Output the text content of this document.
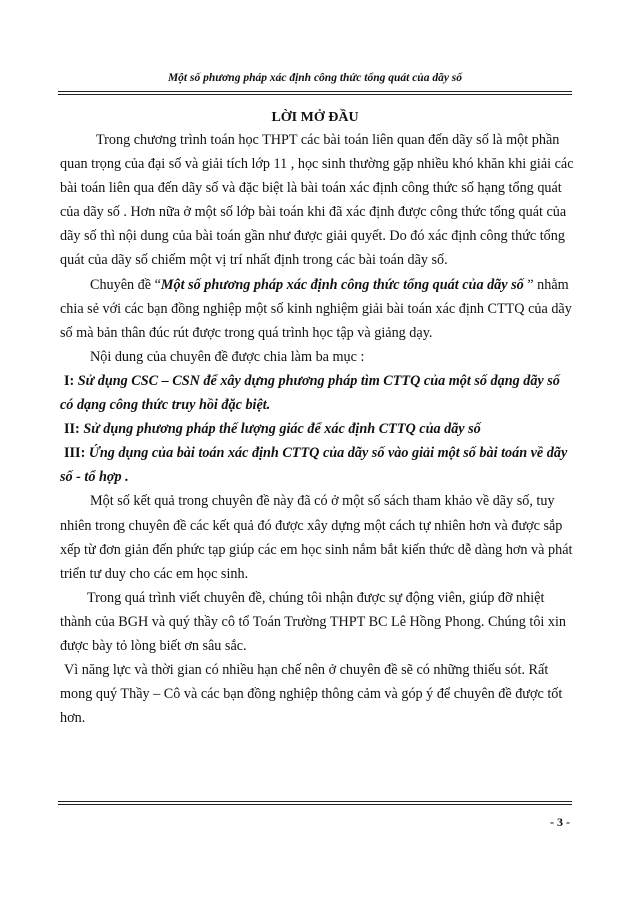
Một số phương pháp xác định công thức tổng quát của dãy số
LỜI MỞ ĐẦU

Trong chương trình toán học THPT các bài toán liên quan đến dãy số là một phần quan trọng của đại số và giải tích lớp 11 , học sinh thường gặp nhiều khó khăn khi giải các bài toán liên qua đến dãy số và đặc biệt là bài toán xác định công thức số hạng tổng quát của dãy số . Hơn nữa ở một số lớp bài toán khi đã xác định được công thức tổng quát của dãy số thì nội dung của bài toán gần như được giải quyết. Do đó xác định công thức tổng quát của dãy số chiếm một vị trí nhất định trong các bài toán dãy số.

Chuyên đề “Một số phương pháp xác định công thức tổng quát của dãy số ” nhằm chia sẻ với các bạn đồng nghiệp một số kinh nghiệm giải bài toán xác định CTTQ của dãy số mà bản thân đúc rút được trong quá trình học tập và giảng dạy.

Nội dung của chuyên đề được chia làm ba mục :

I: Sử dụng CSC – CSN để xây dựng phương pháp tìm CTTQ của một số dạng dãy số có dạng công thức truy hồi đặc biệt.

II: Sử dụng phương pháp thế lượng giác để xác định CTTQ của dãy số

III: Ứng dụng của bài toán xác định CTTQ của dãy số vào giải một số bài toán về dãy số - tổ hợp .

Một số kết quả trong chuyên đề này đã có ở một số sách tham khảo về dãy số, tuy nhiên trong chuyên đề các kết quả đó được xây dựng một cách tự nhiên hơn và được sắp xếp từ đơn giản đến phức tạp giúp các em học sinh nắm bắt kiến thức dễ dàng hơn và phát triển tư duy cho các em học sinh.

Trong quá trình viết chuyên đề, chúng tôi nhận được sự động viên, giúp đỡ nhiệt thành của BGH và quý thầy cô tổ Toán Trường THPT BC Lê Hồng Phong. Chúng tôi xin được bày tỏ lòng biết ơn sâu sắc.

Vì năng lực và thời gian có nhiều hạn chế nên ở chuyên đề sẽ có những thiếu sót. Rất mong quý Thầy – Cô và các bạn đồng nghiệp thông cảm và góp ý để chuyên đề được tốt hơn.

- 3 -
